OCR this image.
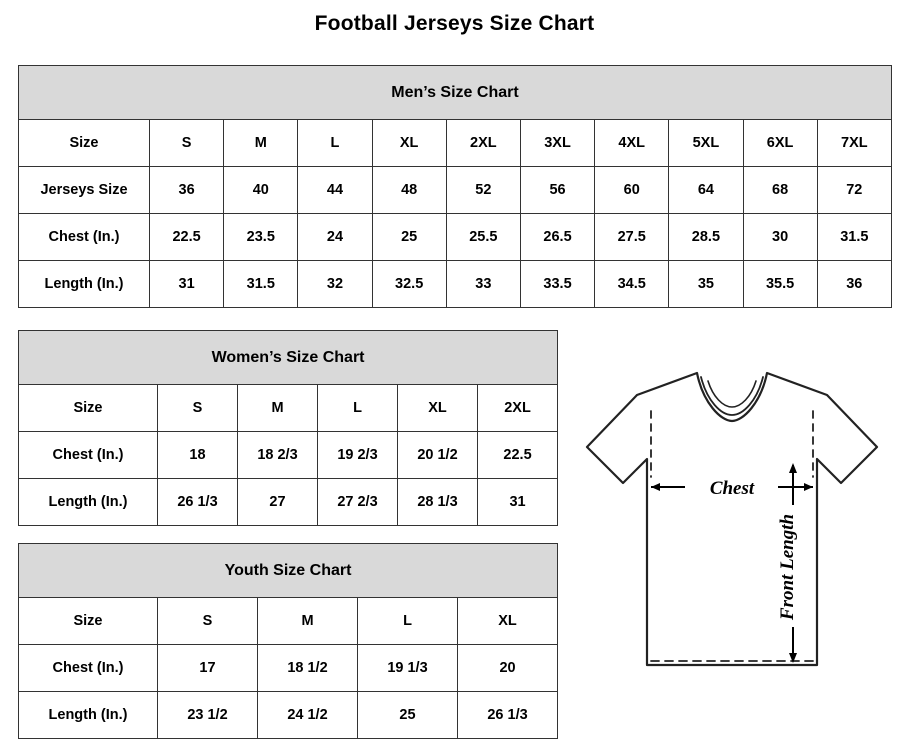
Football Jerseys Size Chart
Men’s Size Chart										
Size	S	M	L	XL	2XL	3XL	4XL	5XL	6XL	7XL
Jerseys Size	36	40	44	48	52	56	60	64	68	72
Chest (In.)	22.5	23.5	24	25	25.5	26.5	27.5	28.5	30	31.5
Length (In.)	31	31.5	32	32.5	33	33.5	34.5	35	35.5	36
Women’s Size Chart					
Size	S	M	L	XL	2XL
Chest (In.)	18	18 2/3	19 2/3	20 1/2	22.5
Length (In.)	26 1/3	27	27 2/3	28 1/3	31
Youth Size Chart				
Size	S	M	L	XL
Chest (In.)	17	18 1/2	19 1/3	20
Length (In.)	23 1/2	24 1/2	25	26 1/3
Chest
Front Length
